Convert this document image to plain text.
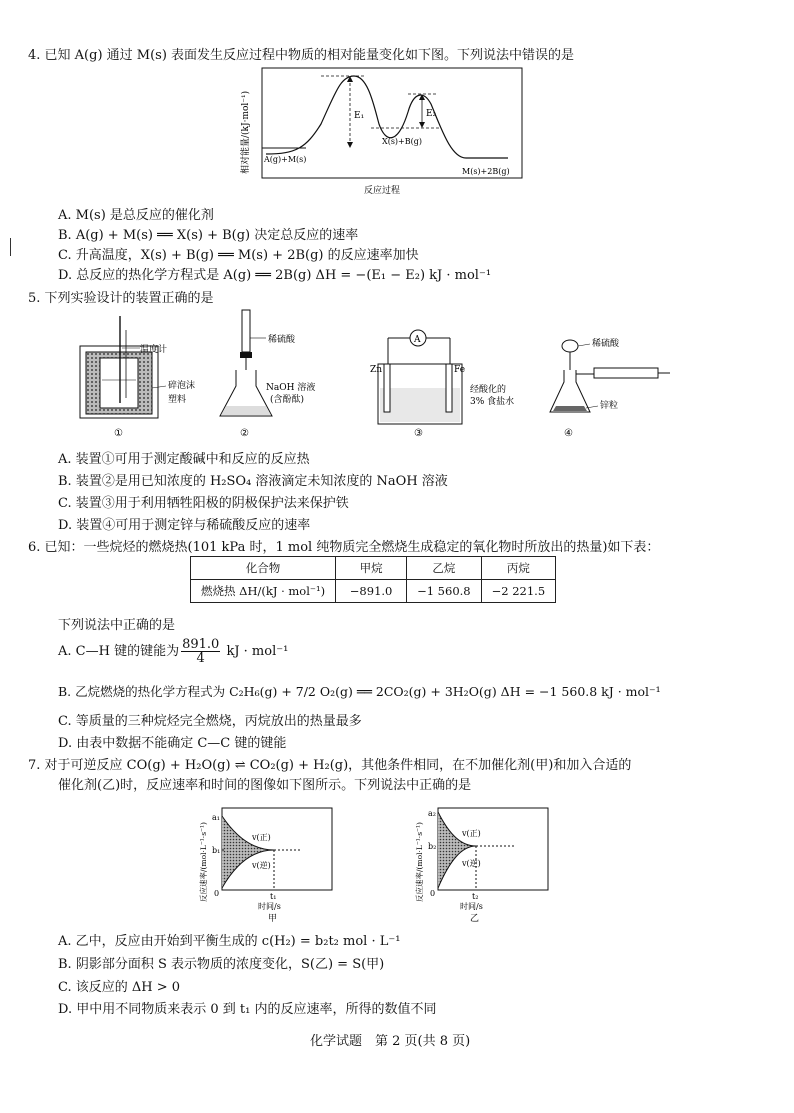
4. 已知 A(g) 通过 M(s) 表面发生反应过程中物质的相对能量变化如下图。下列说法中错误的是
相对能量/(kJ·mol⁻¹)	E₁	E₂
A(g)+M(s)
X(s)+B(g)
M(s)+2B(g)
反应过程
A. M(s) 是总反应的催化剂
B. A(g) + M(s) ══ X(s) + B(g) 决定总反应的速率
C. 升高温度，X(s) + B(g) ══ M(s) + 2B(g) 的反应速率加快
D. 总反应的热化学方程式是 A(g) ══ 2B(g) ΔH = −(E₁ − E₂) kJ · mol⁻¹
5. 下列实验设计的装置正确的是
温度计
碎泡沫
塑料
①
稀硫酸
NaOH 溶液
(含酚酞)
②
A
Zn	Fe
经酸化的
3% 食盐水
③
稀硫酸
锌粒
④
A. 装置①可用于测定酸碱中和反应的反应热
B. 装置②是用已知浓度的 H₂SO₄ 溶液滴定未知浓度的 NaOH 溶液
C. 装置③用于利用牺牲阳极的阴极保护法来保护铁
D. 装置④可用于测定锌与稀硫酸反应的速率
6. 已知：一些烷烃的燃烧热(101 kPa 时，1 mol 纯物质完全燃烧生成稳定的氧化物时所放出的热量)如下表：
化合物	甲烷	乙烷	丙烷
燃烧热 ΔH/(kJ · mol⁻¹)	−891.0	−1 560.8	−2 221.5
下列说法中正确的是
A. C—H 键的键能为 $\frac{891.0}{4}$ kJ · mol⁻¹
B. 乙烷燃烧的热化学方程式为 C₂H₆(g) + 7/2 O₂(g) ══ 2CO₂(g) + 3H₂O(g) ΔH = −1 560.8 kJ · mol⁻¹
C. 等质量的三种烷烃完全燃烧，丙烷放出的热量最多
D. 由表中数据不能确定 C—C 键的键能
7. 对于可逆反应 CO(g) + H₂O(g) ⇌ CO₂(g) + H₂(g)，其他条件相同，在不加催化剂(甲)和加入合适的
催化剂(乙)时，反应速率和时间的图像如下图所示。下列说法中正确的是
反应速率/(mol·L⁻¹·s⁻¹)
a₁
b₁
v(正)
v(逆)
0	t₁
时间/s
甲
反应速率/(mol·L⁻¹·s⁻¹)
a₂
b₂
v(正)
v(逆)
0	t₂
时间/s
乙
A. 乙中，反应由开始到平衡生成的 c(H₂) = b₂t₂ mol · L⁻¹
B. 阴影部分面积 S 表示物质的浓度变化，S(乙) = S(甲)
C. 该反应的 ΔH > 0
D. 甲中用不同物质来表示 0 到 t₁ 内的反应速率，所得的数值不同
化学试题　第 2 页(共 8 页)
